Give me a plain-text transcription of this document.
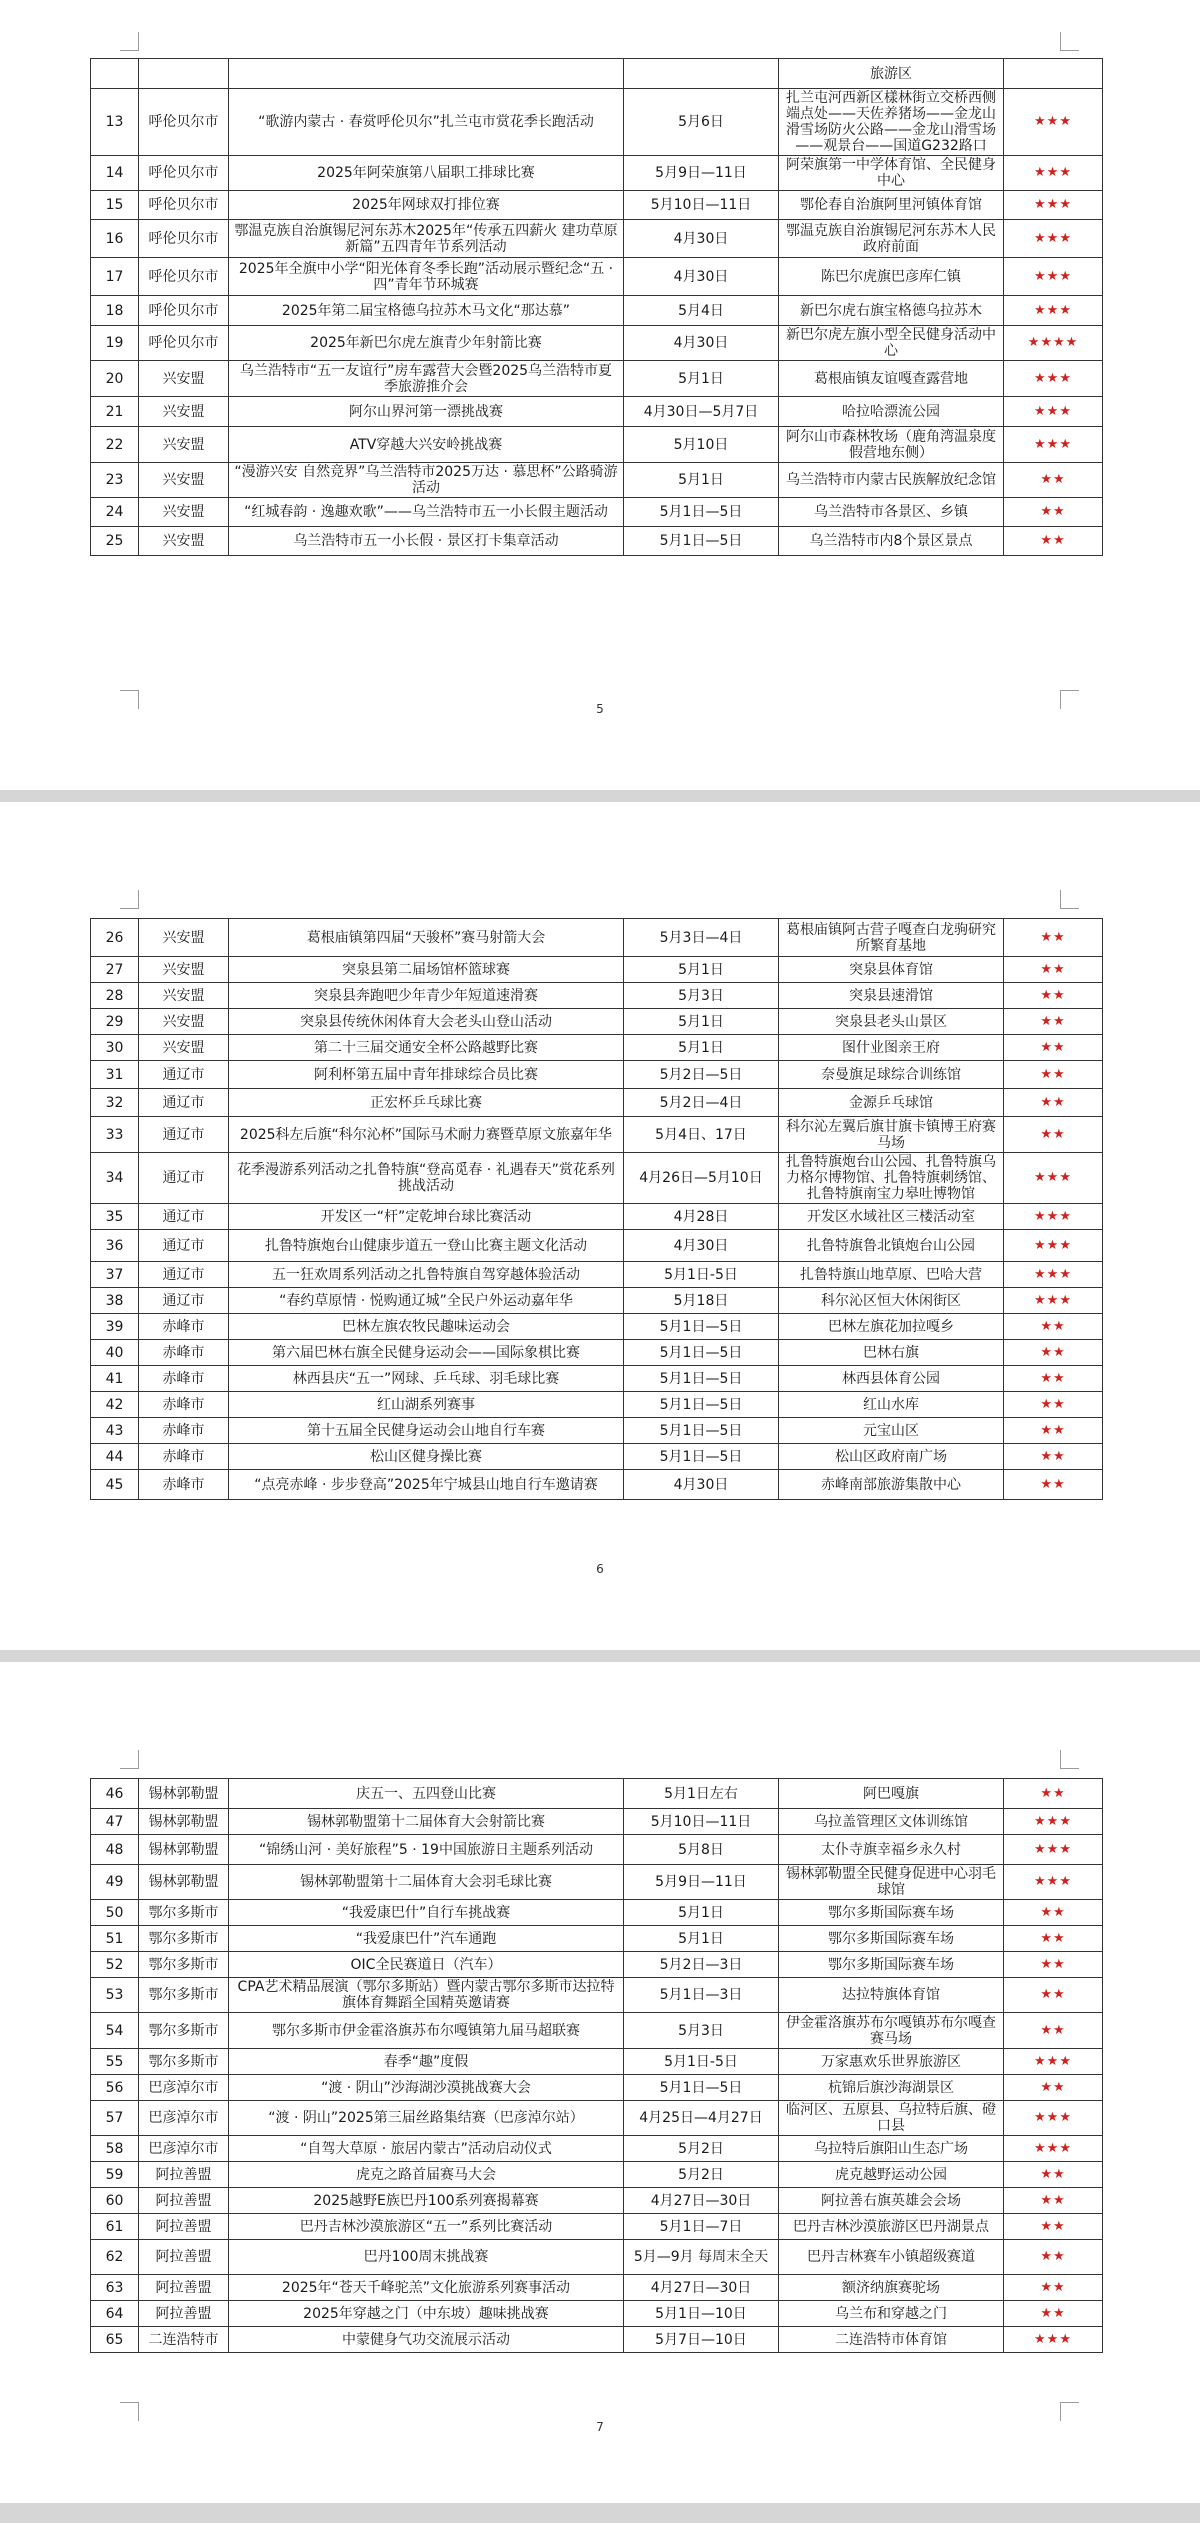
				旅游区	
13	呼伦贝尔市	“歌游内蒙古 · 春赏呼伦贝尔”扎兰屯市赏花季长跑活动	5月6日	扎兰屯河西新区樣林街立交桥西侧端点处——天佐养猪场——金龙山滑雪场防火公路——金龙山滑雪场——观景台——国道G232路口	★★★
14	呼伦贝尔市	2025年阿荣旗第八届职工排球比赛	5月9日—11日	阿荣旗第一中学体育馆、全民健身中心	★★★
15	呼伦贝尔市	2025年网球双打排位赛	5月10日—11日	鄂伦春自治旗阿里河镇体育馆	★★★
16	呼伦贝尔市	鄂温克族自治旗锡尼河东苏木2025年“传承五四薪火 建功草原新篇”五四青年节系列活动	4月30日	鄂温克族自治旗锡尼河东苏木人民政府前面	★★★
17	呼伦贝尔市	2025年全旗中小学“阳光体育冬季长跑”活动展示暨纪念“五 · 四”青年节环城赛	4月30日	陈巴尔虎旗巴彦库仁镇	★★★
18	呼伦贝尔市	2025年第二届宝格德乌拉苏木马文化“那达慕”	5月4日	新巴尔虎右旗宝格德乌拉苏木	★★★
19	呼伦贝尔市	2025年新巴尔虎左旗青少年射箭比赛	4月30日	新巴尔虎左旗小型全民健身活动中心	★★★★
20	兴安盟	乌兰浩特市“五一友谊行”房车露营大会暨2025乌兰浩特市夏季旅游推介会	5月1日	葛根庙镇友谊嘎查露营地	★★★
21	兴安盟	阿尔山界河第一漂挑战赛	4月30日—5月7日	哈拉哈漂流公园	★★★
22	兴安盟	ATV穿越大兴安岭挑战赛	5月10日	阿尔山市森林牧场（鹿角湾温泉度假营地东侧）	★★★
23	兴安盟	“漫游兴安 自然竞界”乌兰浩特市2025万达 · 慕思杯”公路骑游活动	5月1日	乌兰浩特市内蒙古民族解放纪念馆	★★
24	兴安盟	“红城春韵 · 逸趣欢歌”——乌兰浩特市五一小长假主题活动	5月1日—5日	乌兰浩特市各景区、乡镇	★★
25	兴安盟	乌兰浩特市五一小长假 · 景区打卡集章活动	5月1日—5日	乌兰浩特市内8个景区景点	★★
5
26	兴安盟	葛根庙镇第四届“天骏杯”赛马射箭大会	5月3日—4日	葛根庙镇阿古营子嘎查白龙驹研究所繁育基地	★★
27	兴安盟	突泉县第二届场馆杯篮球赛	5月1日	突泉县体育馆	★★
28	兴安盟	突泉县奔跑吧少年青少年短道速滑赛	5月3日	突泉县速滑馆	★★
29	兴安盟	突泉县传统休闲体育大会老头山登山活动	5月1日	突泉县老头山景区	★★
30	兴安盟	第二十三届交通安全杯公路越野比赛	5月1日	图什业图亲王府	★★
31	通辽市	阿利杯第五届中青年排球综合员比赛	5月2日—5日	奈曼旗足球综合训练馆	★★
32	通辽市	正宏杯乒乓球比赛	5月2日—4日	金源乒乓球馆	★★
33	通辽市	2025科左后旗“科尔沁杯”国际马术耐力赛暨草原文旅嘉年华	5月4日、17日	科尔沁左翼后旗甘旗卡镇博王府赛马场	★★
34	通辽市	花季漫游系列活动之扎鲁特旗“登高觅春 · 礼遇春天”赏花系列挑战活动	4月26日—5月10日	扎鲁特旗炮台山公园、扎鲁特旗乌力格尔博物馆、扎鲁特旗刺绣馆、扎鲁特旗南宝力皋吐博物馆	★★★
35	通辽市	开发区一“杆”定乾坤台球比赛活动	4月28日	开发区水域社区三楼活动室	★★★
36	通辽市	扎鲁特旗炮台山健康步道五一登山比赛主题文化活动	4月30日	扎鲁特旗鲁北镇炮台山公园	★★★
37	通辽市	五一狂欢周系列活动之扎鲁特旗自驾穿越体验活动	5月1日-5日	扎鲁特旗山地草原、巴哈大营	★★★
38	通辽市	“春约草原情 · 悦购通辽城”全民户外运动嘉年华	5月18日	科尔沁区恒大休闲街区	★★★
39	赤峰市	巴林左旗农牧民趣味运动会	5月1日—5日	巴林左旗花加拉嘎乡	★★
40	赤峰市	第六届巴林右旗全民健身运动会——国际象棋比赛	5月1日—5日	巴林右旗	★★
41	赤峰市	林西县庆“五一”网球、乒乓球、羽毛球比赛	5月1日—5日	林西县体育公园	★★
42	赤峰市	红山湖系列赛事	5月1日—5日	红山水库	★★
43	赤峰市	第十五届全民健身运动会山地自行车赛	5月1日—5日	元宝山区	★★
44	赤峰市	松山区健身操比赛	5月1日—5日	松山区政府南广场	★★
45	赤峰市	“点亮赤峰 · 步步登高”2025年宁城县山地自行车邀请赛	4月30日	赤峰南部旅游集散中心	★★
6
46	锡林郭勒盟	庆五一、五四登山比赛	5月1日左右	阿巴嘎旗	★★
47	锡林郭勒盟	锡林郭勒盟第十二届体育大会射箭比赛	5月10日—11日	乌拉盖管理区文体训练馆	★★★
48	锡林郭勒盟	“锦绣山河 · 美好旅程”5 · 19中国旅游日主题系列活动	5月8日	太仆寺旗幸福乡永久村	★★★
49	锡林郭勒盟	锡林郭勒盟第十二届体育大会羽毛球比赛	5月9日—11日	锡林郭勒盟全民健身促进中心羽毛球馆	★★★
50	鄂尔多斯市	“我爱康巴什”自行车挑战赛	5月1日	鄂尔多斯国际赛车场	★★
51	鄂尔多斯市	“我爱康巴什”汽车通跑	5月1日	鄂尔多斯国际赛车场	★★
52	鄂尔多斯市	OIC全民赛道日（汽车）	5月2日—3日	鄂尔多斯国际赛车场	★★
53	鄂尔多斯市	CPA艺术精品展演（鄂尔多斯站）暨内蒙古鄂尔多斯市达拉特旗体育舞蹈全国精英邀请赛	5月1日—3日	达拉特旗体育馆	★★
54	鄂尔多斯市	鄂尔多斯市伊金霍洛旗苏布尔嘎镇第九届马超联赛	5月3日	伊金霍洛旗苏布尔嘎镇苏布尔嘎查赛马场	★★
55	鄂尔多斯市	春季“趣”度假	5月1日-5日	万家惠欢乐世界旅游区	★★★
56	巴彦淖尔市	“渡 · 阴山”沙海湖沙漠挑战赛大会	5月1日—5日	杭锦后旗沙海湖景区	★★
57	巴彦淖尔市	“渡 · 阴山”2025第三届丝路集结赛（巴彦淖尔站）	4月25日—4月27日	临河区、五原县、乌拉特后旗、磴口县	★★★
58	巴彦淖尔市	“自驾大草原 · 旅居内蒙古”活动启动仪式	5月2日	乌拉特后旗阳山生态广场	★★★
59	阿拉善盟	虎克之路首届赛马大会	5月2日	虎克越野运动公园	★★
60	阿拉善盟	2025越野E族巴丹100系列赛揭幕赛	4月27日—30日	阿拉善右旗英雄会会场	★★
61	阿拉善盟	巴丹吉林沙漠旅游区“五一”系列比赛活动	5月1日—7日	巴丹吉林沙漠旅游区巴丹湖景点	★★
62	阿拉善盟	巴丹100周末挑战赛	5月—9月 每周末全天	巴丹吉林赛车小镇超级赛道	★★
63	阿拉善盟	2025年“苍天千峰驼羔”文化旅游系列赛事活动	4月27日—30日	额济纳旗赛驼场	★★
64	阿拉善盟	2025年穿越之门（中东坡）趣味挑战赛	5月1日—10日	乌兰布和穿越之门	★★
65	二连浩特市	中蒙健身气功交流展示活动	5月7日—10日	二连浩特市体育馆	★★★
7
